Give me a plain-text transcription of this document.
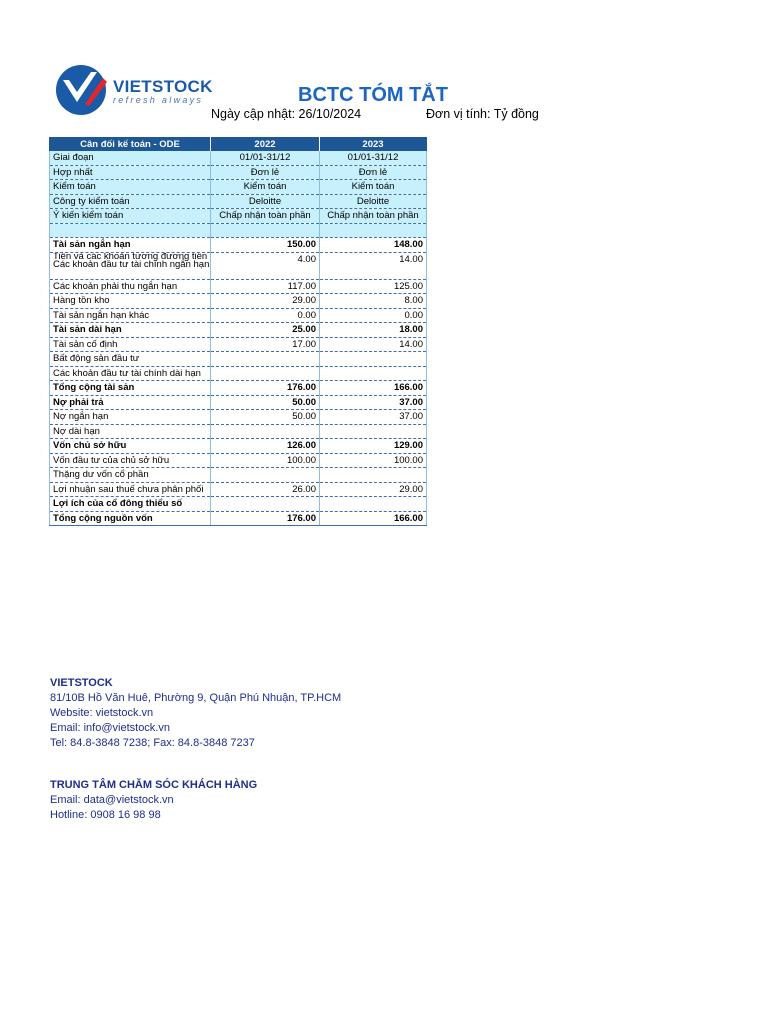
VIETSTOCK
refresh always	BCTC TÓM TẮT
Ngày cập nhật: 26/10/2024	Đơn vị tính: Tỷ đồng
Cân đối kế toán - ODE	2022	2023
Giai đoạn	01/01-31/12	01/01-31/12
Hợp nhất	Đơn lẻ	Đơn lẻ
Kiểm toán	Kiểm toán	Kiểm toán
Công ty kiểm toán	Deloitte	Deloitte
Ý kiến kiểm toán	Chấp nhận toàn phần	Chấp nhận toàn phần

Tài sản ngắn hạn	150.00	148.00

Tiền và các khoản tương đương tiền
Các khoản đầu tư tài chính ngắn hạn	4.00	14.00
Các khoản phải thu ngắn hạn	117.00	125.00
Hàng tồn kho	29.00	8.00
Tài sản ngắn hạn khác	0.00	0.00
Tài sản dài hạn	25.00	18.00
Tài sản cố định	17.00	14.00
Bất động sản đầu tư		
Các khoản đầu tư tài chính dài hạn		
Tổng cộng tài sản	176.00	166.00
Nợ phải trả	50.00	37.00
Nợ ngắn hạn	50.00	37.00
Nợ dài hạn		
Vốn chủ sở hữu	126.00	129.00
Vốn đầu tư của chủ sở hữu	100.00	100.00
Thặng dư vốn cổ phần		
Lợi nhuận sau thuế chưa phân phối	26.00	29.00
Lợi ích của cổ đông thiểu số		
Tổng cộng nguồn vốn	176.00	166.00
VIETSTOCK
81/10B Hồ Văn Huê, Phường 9, Quận Phú Nhuận, TP.HCM
Website: vietstock.vn
Email: info@vietstock.vn
Tel: 84.8-3848 7238; Fax: 84.8-3848 7237
TRUNG TÂM CHĂM SÓC KHÁCH HÀNG
Email: data@vietstock.vn
Hotline: 0908 16 98 98
